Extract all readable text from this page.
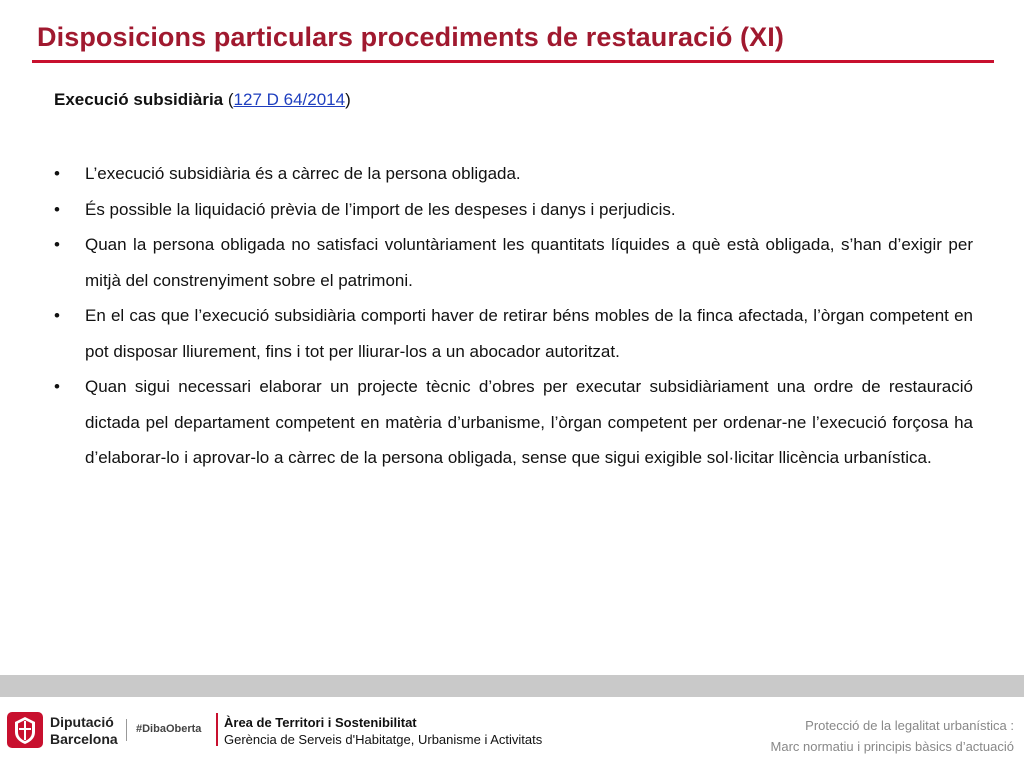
Disposicions particulars procediments de restauració (XI)
Execució subsidiària (127 D 64/2014)
• L’execució subsidiària és a càrrec de la persona obligada.
• És possible la liquidació prèvia de l’import de les despeses i danys i perjudicis.
• Quan la persona obligada no satisfaci voluntàriament les quantitats líquides a què està obligada, s’han d’exigir per mitjà del constrenyiment sobre el patrimoni.
• En el cas que l’execució subsidiària comporti haver de retirar béns mobles de la finca afectada, l’òrgan competent en pot disposar lliurement, fins i tot per lliurar-los a un abocador autoritzat.
• Quan sigui necessari elaborar un projecte tècnic d’obres per executar subsidiàriament una ordre de restauració dictada pel departament competent en matèria d’urbanisme, l’òrgan competent per ordenar-ne l’execució forçosa ha d’elaborar-lo i aprovar-lo a càrrec de la persona obligada, sense que sigui exigible sol·licitar llicència urbanística.
Diputació
Barcelona
#DibaOberta Àrea de Territori i Sostenibilitat
Gerència de Serveis d'Habitatge, Urbanisme i Activitats
Protecció de la legalitat urbanística :
Marc normatiu i principis bàsics d’actuació
